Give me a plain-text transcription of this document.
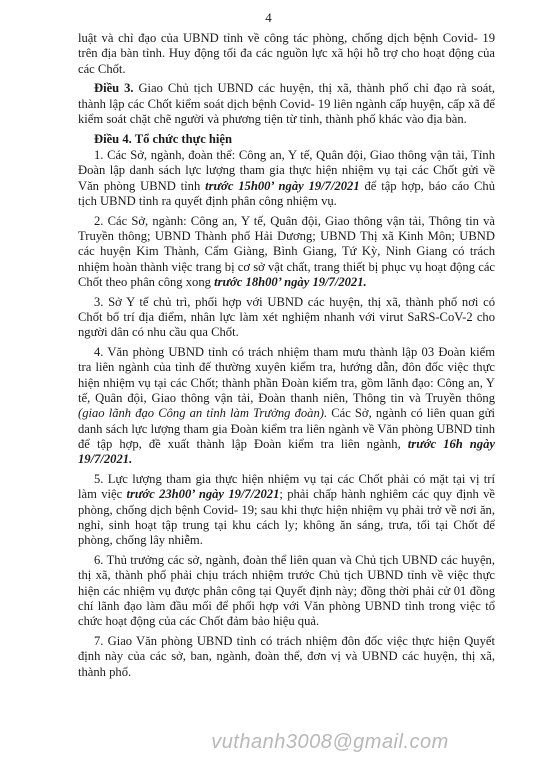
4

luật và chỉ đạo của UBND tỉnh về công tác phòng, chống dịch bệnh Covid- 19 trên địa bàn tỉnh. Huy động tối đa các nguồn lực xã hội hỗ trợ cho hoạt động của các Chốt.

Điều 3. Giao Chủ tịch UBND các huyện, thị xã, thành phố chỉ đạo rà soát, thành lập các Chốt kiểm soát dịch bệnh Covid- 19 liên ngành cấp huyện, cấp xã để kiểm soát chặt chẽ người và phương tiện từ tỉnh, thành phố khác vào địa bàn.

Điều 4. Tổ chức thực hiện

1. Các Sở, ngành, đoàn thể: Công an, Y tế, Quân đội, Giao thông vận tải, Tỉnh Đoàn lập danh sách lực lượng tham gia thực hiện nhiệm vụ tại các Chốt gửi về Văn phòng UBND tỉnh trước 15h00’ ngày 19/7/2021 để tập hợp, báo cáo Chủ tịch UBND tỉnh ra quyết định phân công nhiệm vụ.

2. Các Sở, ngành: Công an, Y tế, Quân đội, Giao thông vận tải, Thông tin và Truyền thông; UBND Thành phố Hải Dương; UBND Thị xã Kinh Môn; UBND các huyện Kim Thành, Cẩm Giàng, Bình Giang, Tứ Kỳ, Ninh Giang có trách nhiệm hoàn thành việc trang bị cơ sở vật chất, trang thiết bị phục vụ hoạt động các Chốt theo phân công xong trước 18h00’ ngày 19/7/2021.

3. Sở Y tế chủ trì, phối hợp với UBND các huyện, thị xã, thành phố nơi có Chốt bố trí địa điểm, nhân lực làm xét nghiệm nhanh với virut SaRS-CoV-2 cho người dân có nhu cầu qua Chốt.

4. Văn phòng UBND tỉnh có trách nhiệm tham mưu thành lập 03 Đoàn kiểm tra liên ngành của tỉnh để thường xuyên kiểm tra, hướng dẫn, đôn đốc việc thực hiện nhiệm vụ tại các Chốt; thành phần Đoàn kiểm tra, gồm lãnh đạo: Công an, Y tế, Quân đội, Giao thông vận tải, Đoàn thanh niên, Thông tin và Truyền thông (giao lãnh đạo Công an tỉnh làm Trưởng đoàn). Các Sở, ngành có liên quan gửi danh sách lực lượng tham gia Đoàn kiểm tra liên ngành về Văn phòng UBND tỉnh để tập hợp, đề xuất thành lập Đoàn kiểm tra liên ngành, trước 16h ngày 19/7/2021.

5. Lực lượng tham gia thực hiện nhiệm vụ tại các Chốt phải có mặt tại vị trí làm việc trước 23h00’ ngày 19/7/2021; phải chấp hành nghiêm các quy định về phòng, chống dịch bệnh Covid- 19; sau khi thực hiện nhiệm vụ phải trở về nơi ăn, nghỉ, sinh hoạt tập trung tại khu cách ly; không ăn sáng, trưa, tối tại Chốt để phòng, chống lây nhiễm.

6. Thủ trưởng các sở, ngành, đoàn thể liên quan và Chủ tịch UBND các huyện, thị xã, thành phố phải chịu trách nhiệm trước Chủ tịch UBND tỉnh về việc thực hiện các nhiệm vụ được phân công tại Quyết định này; đồng thời phải cử 01 đồng chí lãnh đạo làm đầu mối để phối hợp với Văn phòng UBND tỉnh trong việc tổ chức hoạt động của các Chốt đảm bảo hiệu quả.

7. Giao Văn phòng UBND tỉnh có trách nhiệm đôn đốc việc thực hiện Quyết định này của các sở, ban, ngành, đoàn thể, đơn vị và UBND các huyện, thị xã, thành phố.

vuthanh3008@gmail.com
